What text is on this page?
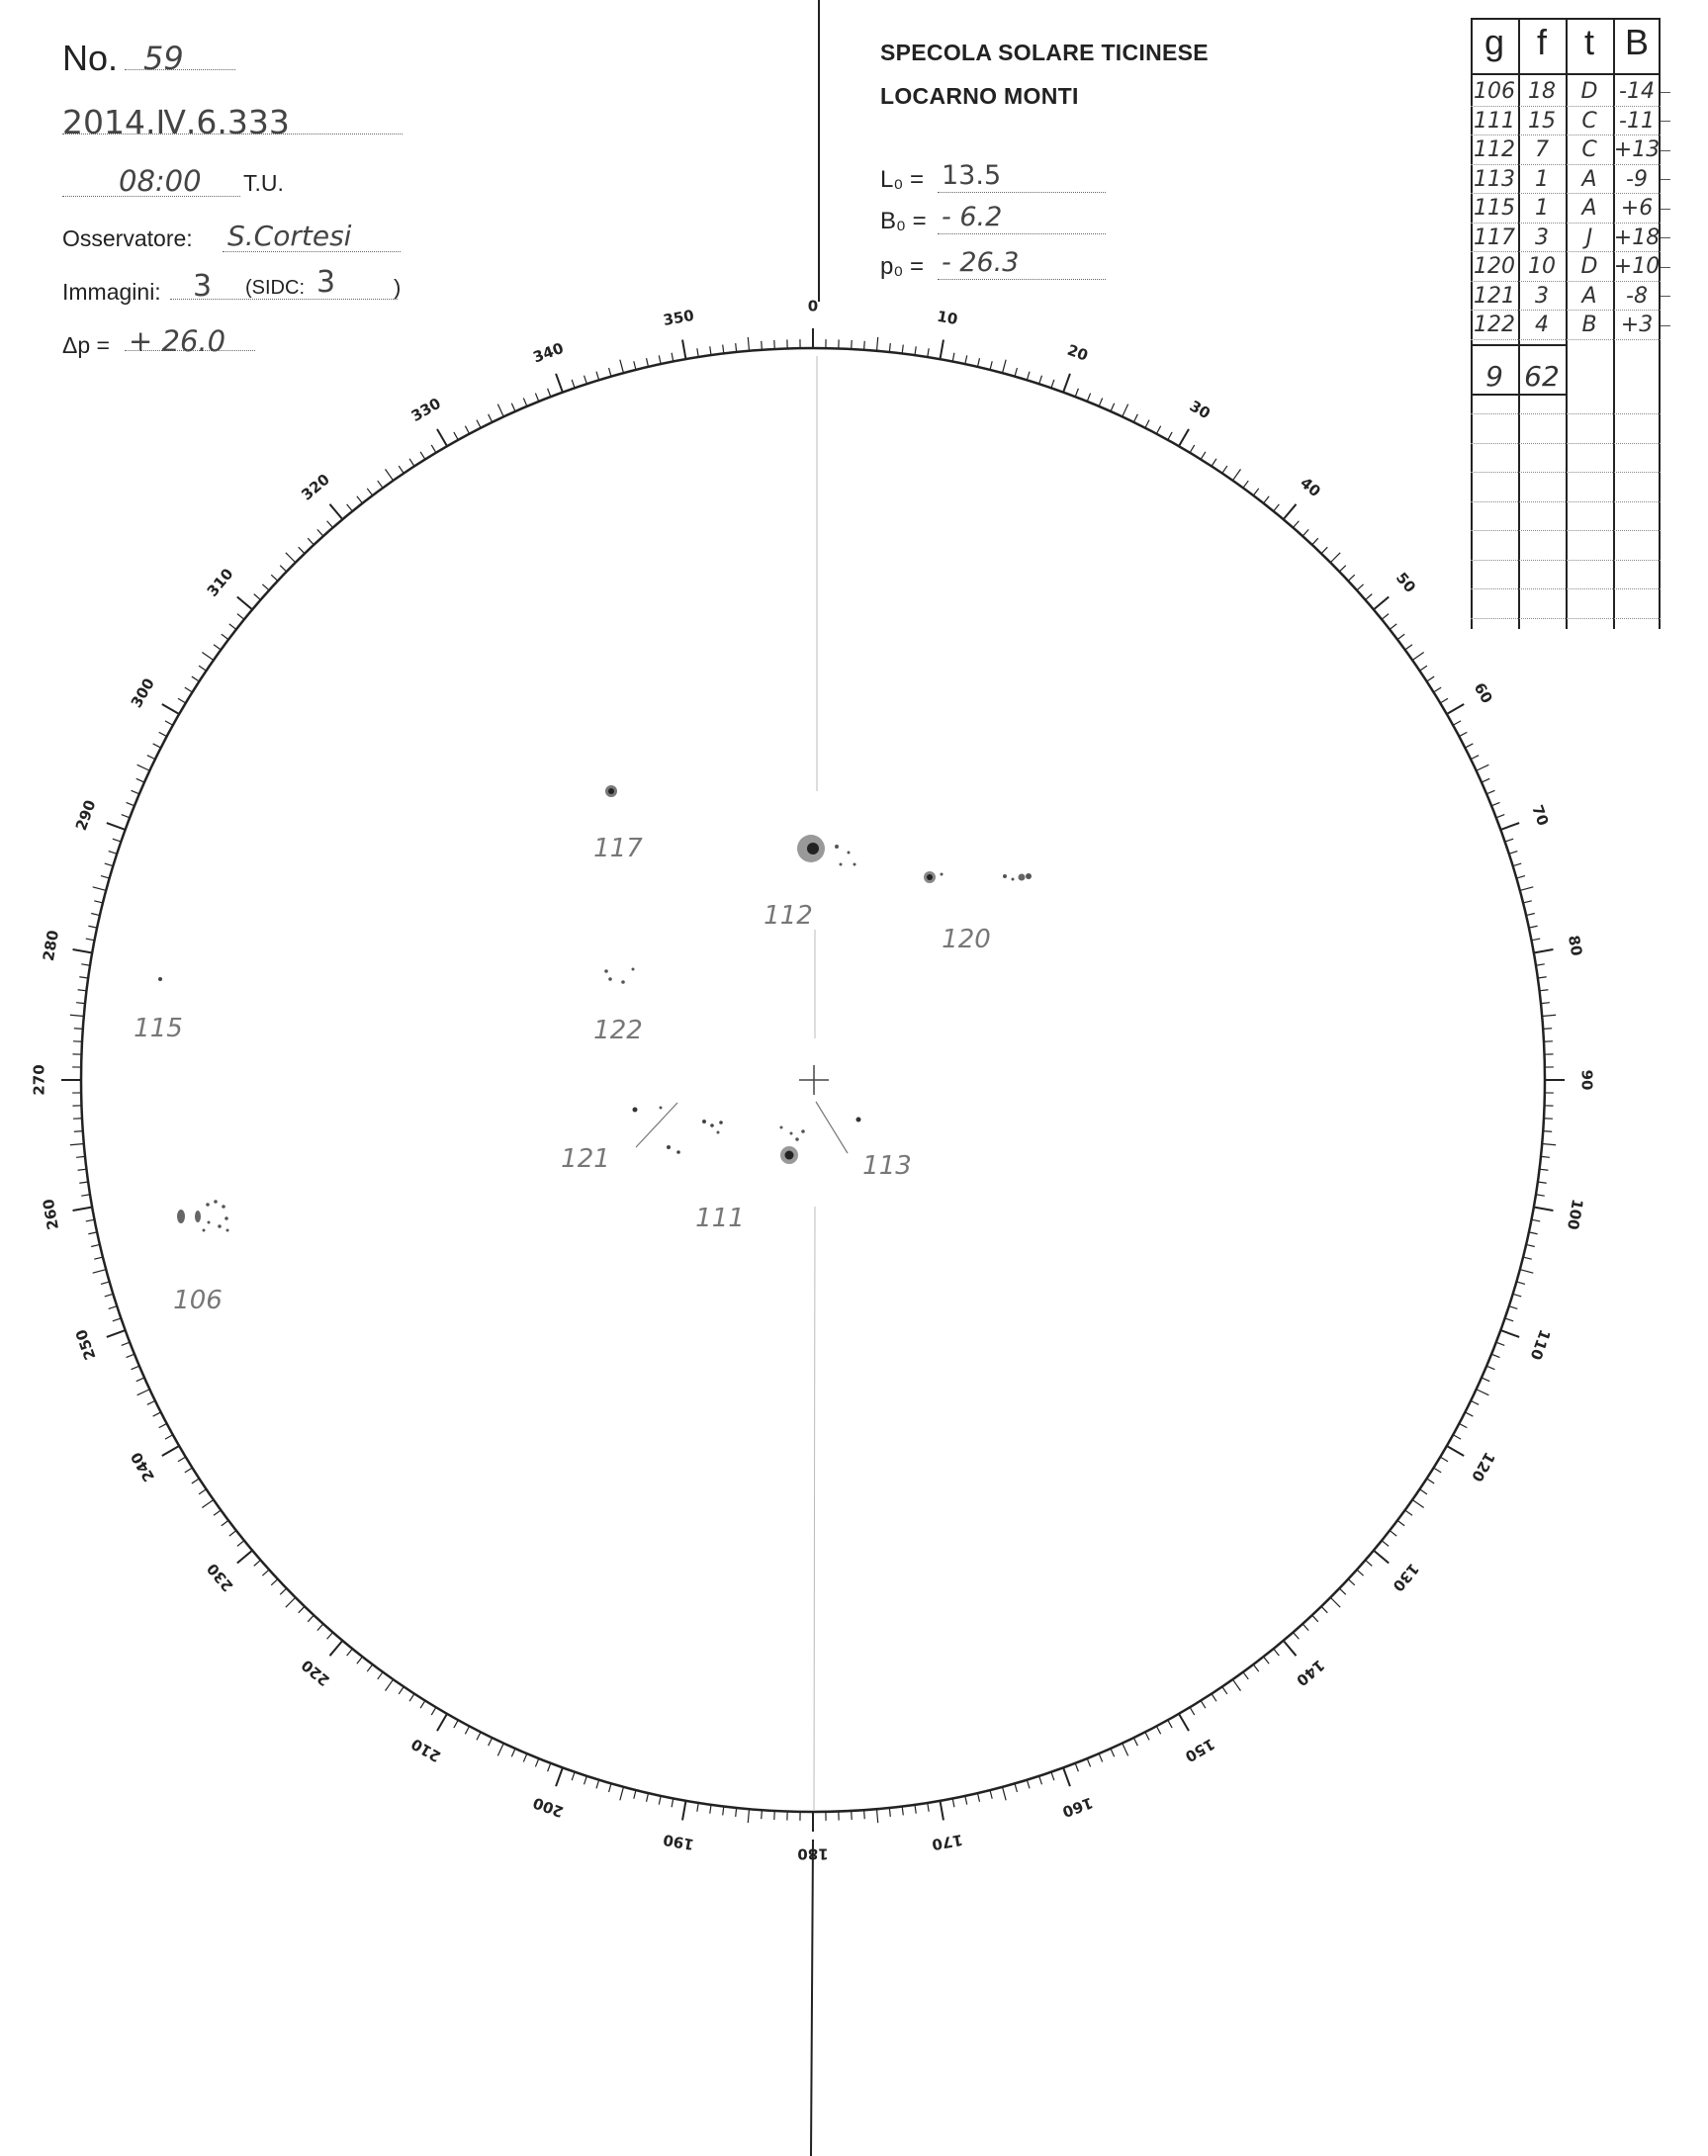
No. 59
2014.Ⅳ.6.333
08:00 T.U.
Osservatore: S.Cortesi
Immagini: 3 (SIDC: 3	)
Δp = + 26.0
SPECOLA SOLARE TICINESE
LOCARNO MONTI
L₀ = 13.5
B₀ = - 6.2
p₀ = - 26.3
g f	t B
106 18	D -14
111 15	C	-11
112 7	C +13
113 1	A	-9
115 1	A	+6
117 3	J +18
120 10	D +10
121 3	A	-8
122 4	B	+3
9 62
0
10
20
30
40
50
60
70
80
90
100
110
120
130
140
150
160
170
180
190
200
210
220
230
240
250
260
270
280
290
300
310
320
330
340
350
117
112
120
115	122
121	113
111
106
